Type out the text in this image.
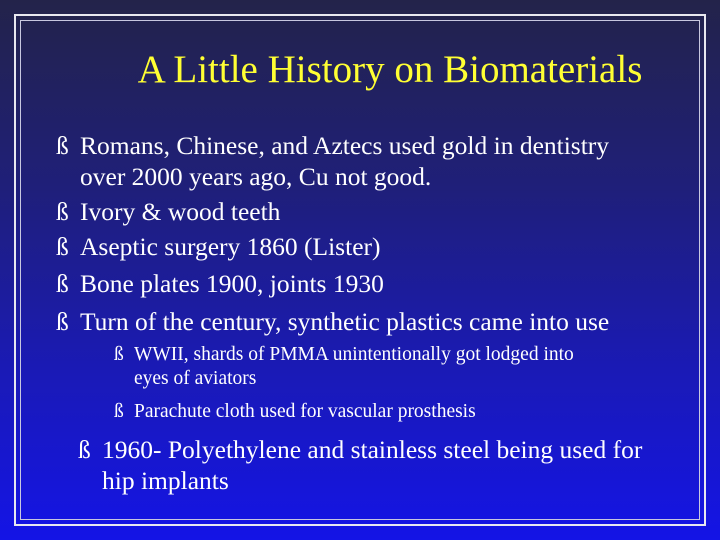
A Little History on Biomaterials
ß Romans, Chinese, and Aztecs used gold in dentistry
over 2000 years ago, Cu not good.
ß Ivory & wood teeth
ß Aseptic surgery 1860 (Lister)
ß Bone plates 1900, joints 1930
ß Turn of the century, synthetic plastics came into use
ß WWII, shards of PMMA unintentionally got lodged into
eyes of aviators
ß Parachute cloth used for vascular prosthesis
ß 1960- Polyethylene and stainless steel being used for
hip implants
